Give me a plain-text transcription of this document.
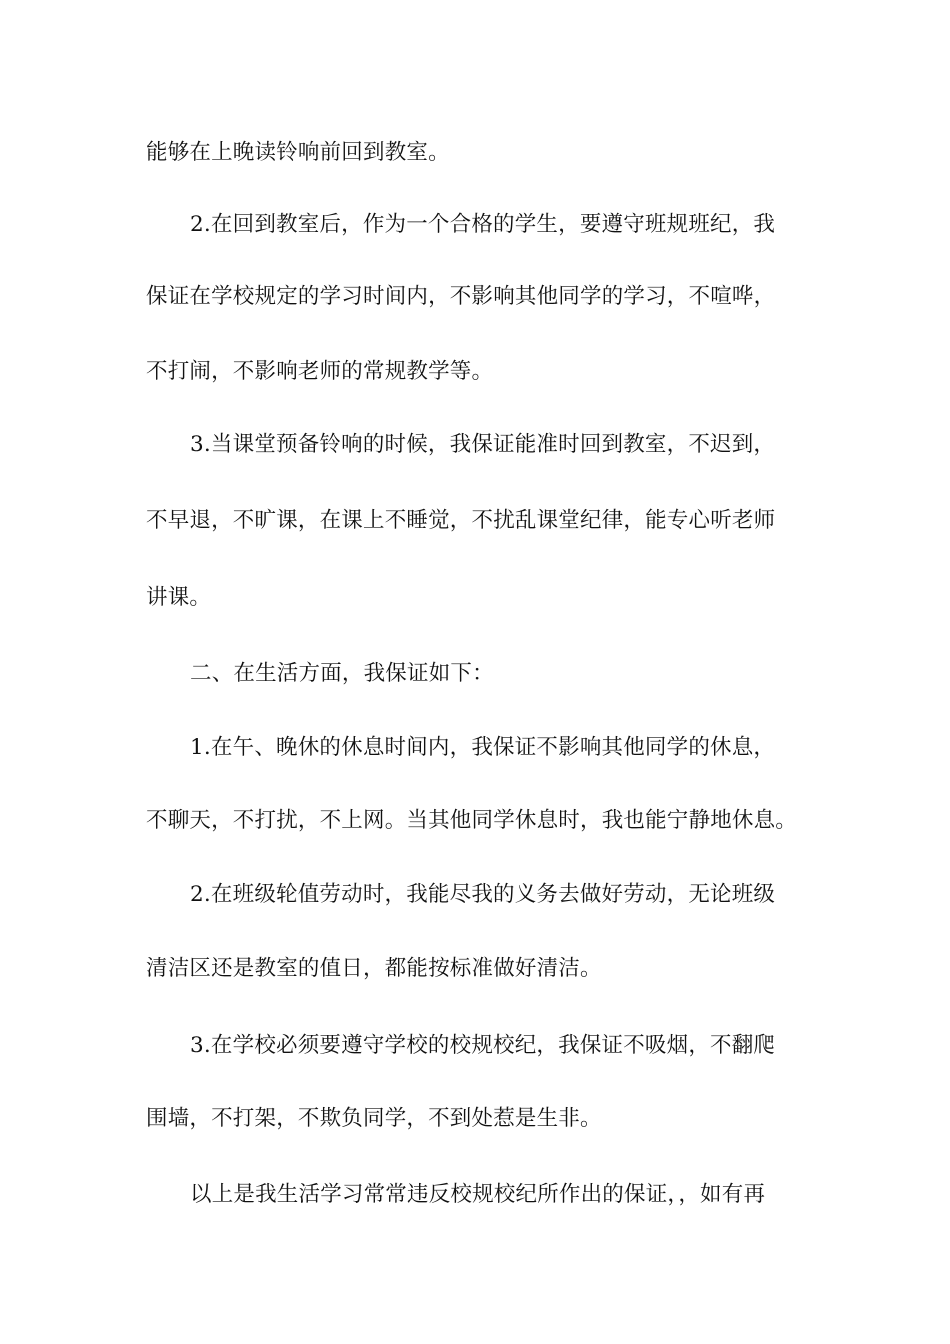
能够在上晚读铃响前回到教室。
2.在回到教室后，作为一个合格的学生，要遵守班规班纪，我
保证在学校规定的学习时间内，不影响其他同学的学习，不喧哗，
不打闹，不影响老师的常规教学等。
3.当课堂预备铃响的时候，我保证能准时回到教室，不迟到，
不早退，不旷课，在课上不睡觉，不扰乱课堂纪律，能专心听老师
讲课。
二、在生活方面，我保证如下：
1.在午、晚休的休息时间内，我保证不影响其他同学的休息，
不聊天，不打扰，不上网。当其他同学休息时，我也能宁静地休息。
2.在班级轮值劳动时，我能尽我的义务去做好劳动，无论班级
清洁区还是教室的值日，都能按标准做好清洁。
3.在学校必须要遵守学校的校规校纪，我保证不吸烟，不翻爬
围墙，不打架，不欺负同学，不到处惹是生非。
以上是我生活学习常常违反校规校纪所作出的保证，，如有再
